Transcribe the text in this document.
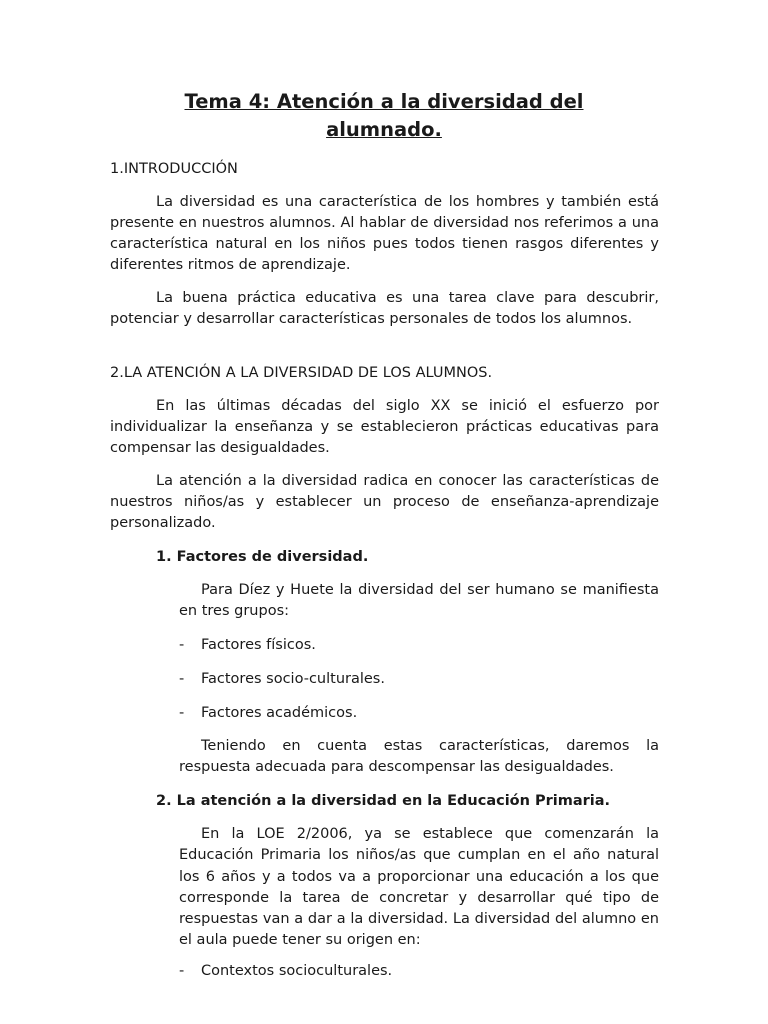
Tema 4: Atención a la diversidad del alumnado.
1.INTRODUCCIÓN
La diversidad es una característica de los hombres y también está presente en nuestros alumnos. Al hablar de diversidad nos referimos a una característica natural en los niños pues todos tienen rasgos diferentes y diferentes ritmos de aprendizaje.
La buena práctica educativa es una tarea clave para descubrir, potenciar y desarrollar características personales de todos los alumnos.
2.LA ATENCIÓN A LA DIVERSIDAD DE LOS ALUMNOS.
En las últimas décadas del siglo XX se inició el esfuerzo por individualizar la enseñanza y se establecieron prácticas educativas para compensar las desigualdades.
La atención a la diversidad radica en conocer las características de nuestros niños/as y establecer un proceso de enseñanza-aprendizaje personalizado.
1. Factores de diversidad.
Para Díez y Huete la diversidad del ser humano se manifiesta en tres grupos:
- Factores físicos.
- Factores socio-culturales.
- Factores académicos.
Teniendo en cuenta estas características, daremos la respuesta adecuada para descompensar las desigualdades.
2. La atención a la diversidad en la Educación Primaria.
En la LOE 2/2006, ya se establece que comenzarán la Educación Primaria los niños/as que cumplan en el año natural los 6 años y a todos va a proporcionar una educación a los que corresponde la tarea de concretar y desarrollar qué tipo de respuestas van a dar a la diversidad. La diversidad del alumno en el aula puede tener su origen en:
- Contextos socioculturales.
